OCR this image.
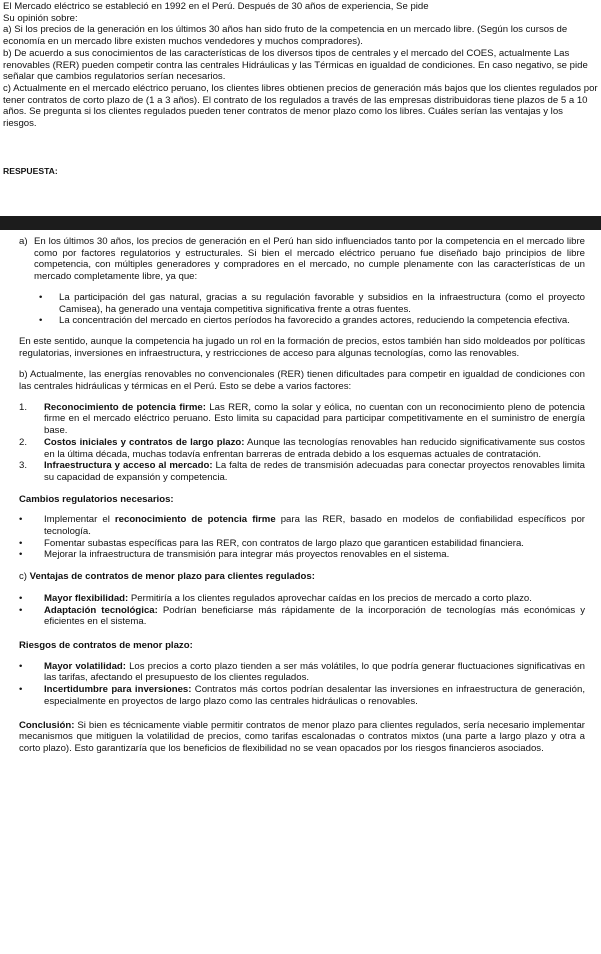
El Mercado eléctrico se estableció en 1992 en el Perú. Después de 30 años de experiencia, Se pide

Su opinión sobre:

a) Si los precios de la generación en los últimos 30 años han sido fruto de la competencia en un mercado libre. (Según los cursos de economía en un mercado libre existen muchos vendedores y muchos compradores).

b) De acuerdo a sus conocimientos de las características de los diversos tipos de centrales y el mercado del COES, actualmente Las renovables (RER) pueden competir contra las centrales Hidráulicas y las Térmicas en igualdad de condiciones. En caso negativo, se pide señalar que cambios regulatorios serían necesarios.

c) Actualmente en el mercado eléctrico peruano, los clientes libres obtienen precios de generación más bajos que los clientes regulados por tener contratos de corto plazo de (1 a 3 años). El contrato de los regulados a través de las empresas distribuidoras tiene plazos de 5 a 10 años. Se pregunta si los clientes regulados pueden tener contratos de menor plazo como los libres. Cuáles serían las ventajas y los riesgos.

RESPUESTA:
a) En los últimos 30 años, los precios de generación en el Perú han sido influenciados tanto por la competencia en el mercado libre como por factores regulatorios y estructurales. Si bien el mercado eléctrico peruano fue diseñado bajo principios de libre competencia, con múltiples generadores y compradores en el mercado, no cumple plenamente con las características de un mercado completamente libre, ya que:
• La participación del gas natural, gracias a su regulación favorable y subsidios en la infraestructura (como el proyecto Camisea), ha generado una ventaja competitiva significativa frente a otras fuentes.
• La concentración del mercado en ciertos períodos ha favorecido a grandes actores, reduciendo la competencia efectiva.

En este sentido, aunque la competencia ha jugado un rol en la formación de precios, estos también han sido moldeados por políticas regulatorias, inversiones en infraestructura, y restricciones de acceso para algunas tecnologías, como las renovables.

b) Actualmente, las energías renovables no convencionales (RER) tienen dificultades para competir en igualdad de condiciones con las centrales hidráulicas y térmicas en el Perú. Esto se debe a varios factores:

1. Reconocimiento de potencia firme: Las RER, como la solar y eólica, no cuentan con un reconocimiento pleno de potencia firme en el mercado eléctrico peruano. Esto limita su capacidad para participar competitivamente en el suministro de energía base.
2. Costos iniciales y contratos de largo plazo: Aunque las tecnologías renovables han reducido significativamente sus costos en la última década, muchas todavía enfrentan barreras de entrada debido a los esquemas actuales de contratación.
3. Infraestructura y acceso al mercado: La falta de redes de transmisión adecuadas para conectar proyectos renovables limita su capacidad de expansión y competencia.

Cambios regulatorios necesarios:

• Implementar el reconocimiento de potencia firme para las RER, basado en modelos de confiabilidad específicos por tecnología.
• Fomentar subastas específicas para las RER, con contratos de largo plazo que garanticen estabilidad financiera.
• Mejorar la infraestructura de transmisión para integrar más proyectos renovables en el sistema.

c) Ventajas de contratos de menor plazo para clientes regulados:

• Mayor flexibilidad: Permitiría a los clientes regulados aprovechar caídas en los precios de mercado a corto plazo.
• Adaptación tecnológica: Podrían beneficiarse más rápidamente de la incorporación de tecnologías más económicas y eficientes en el sistema.

Riesgos de contratos de menor plazo:

• Mayor volatilidad: Los precios a corto plazo tienden a ser más volátiles, lo que podría generar fluctuaciones significativas en las tarifas, afectando el presupuesto de los clientes regulados.
• Incertidumbre para inversiones: Contratos más cortos podrían desalentar las inversiones en infraestructura de generación, especialmente en proyectos de largo plazo como las centrales hidráulicas o renovables.

Conclusión: Si bien es técnicamente viable permitir contratos de menor plazo para clientes regulados, sería necesario implementar mecanismos que mitiguen la volatilidad de precios, como tarifas escalonadas o contratos mixtos (una parte a largo plazo y otra a corto plazo). Esto garantizaría que los beneficios de flexibilidad no se vean opacados por los riesgos financieros asociados.
